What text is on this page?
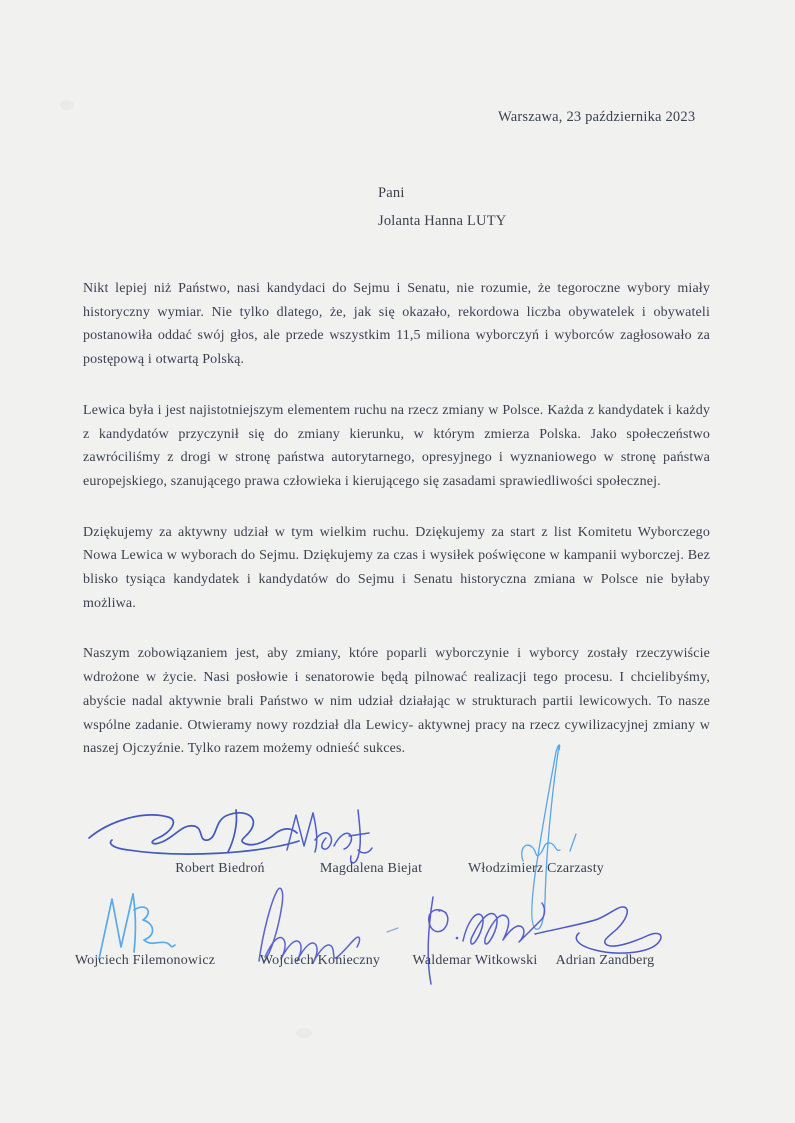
Warszawa, 23 października 2023
Pani
Jolanta Hanna LUTY

Nikt lepiej niż Państwo, nasi kandydaci do Sejmu i Senatu, nie rozumie, że tegoroczne wybory miały historyczny wymiar. Nie tylko dlatego, że, jak się okazało, rekordowa liczba obywatelek i obywateli postanowiła oddać swój głos, ale przede wszystkim 11,5 miliona wyborczyń i wyborców zagłosowało za postępową i otwartą Polską.

Lewica była i jest najistotniejszym elementem ruchu na rzecz zmiany w Polsce. Każda z kandydatek i każdy z kandydatów przyczynił się do zmiany kierunku, w którym zmierza Polska. Jako społeczeństwo zawróciliśmy z drogi w stronę państwa autorytarnego, opresyjnego i wyznaniowego w stronę państwa europejskiego, szanującego prawa człowieka i kierującego się zasadami sprawiedliwości społecznej.

Dziękujemy za aktywny udział w tym wielkim ruchu. Dziękujemy za start z list Komitetu Wyborczego Nowa Lewica w wyborach do Sejmu. Dziękujemy za czas i wysiłek poświęcone w kampanii wyborczej. Bez blisko tysiąca kandydatek i kandydatów do Sejmu i Senatu historyczna zmiana w Polsce nie byłaby możliwa.

Naszym zobowiązaniem jest, aby zmiany, które poparli wyborczynie i wyborcy zostały rzeczywiście wdrożone w życie. Nasi posłowie i senatorowie będą pilnować realizacji tego procesu. I chcielibyśmy, abyście nadal aktywnie brali Państwo w nim udział działając w strukturach partii lewicowych. To nasze wspólne zadanie. Otwieramy nowy rozdział dla Lewicy- aktywnej pracy na rzecz cywilizacyjnej zmiany w naszej Ojczyźnie. Tylko razem możemy odnieść sukces.

Robert Biedroń	Magdalena Biejat	Włodzimierz Czarzasty
Wojciech Filemonowicz	Wojciech Konieczny Waldemar Witkowski Adrian Zandberg
